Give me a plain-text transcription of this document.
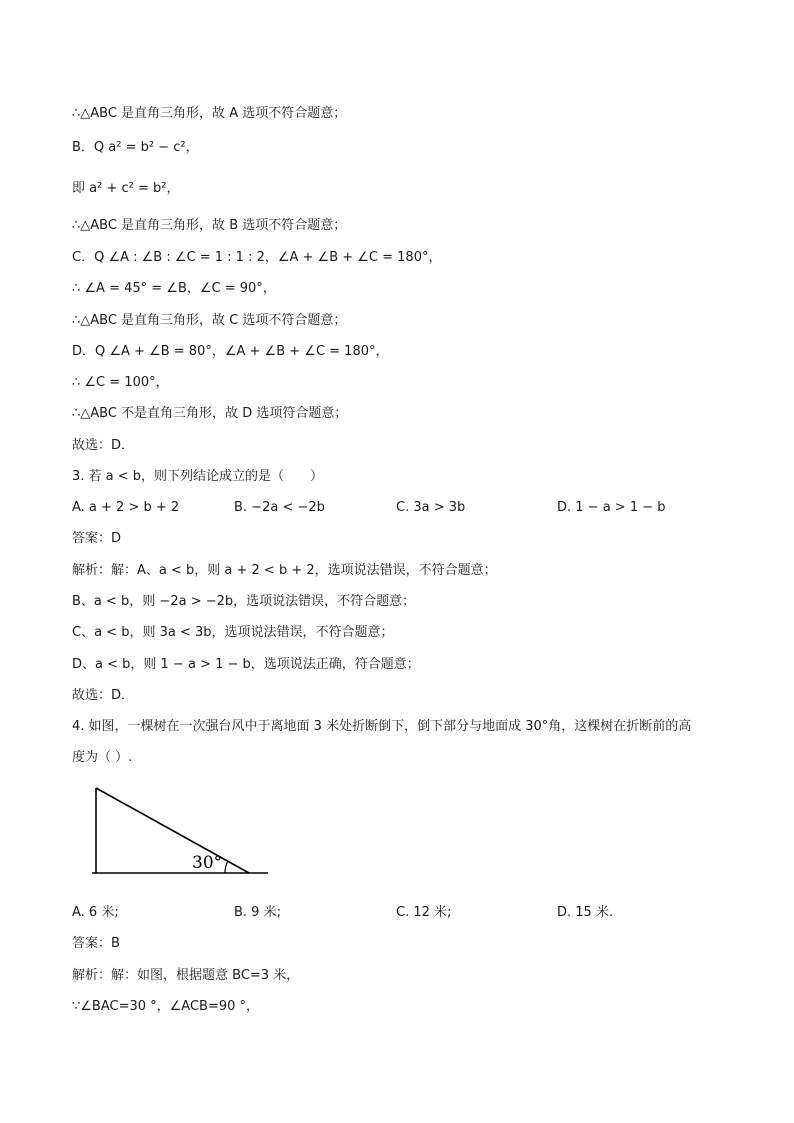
∴△ABC 是直角三角形，故 A 选项不符合题意；
B．Q a² = b² − c²，
即 a² + c² = b²，
∴△ABC 是直角三角形，故 B 选项不符合题意；
C．Q ∠A : ∠B : ∠C = 1 : 1 : 2，∠A + ∠B + ∠C = 180°，
∴ ∠A = 45° = ∠B，∠C = 90°，
∴△ABC 是直角三角形，故 C 选项不符合题意；
D．Q ∠A + ∠B = 80°，∠A + ∠B + ∠C = 180°，
∴ ∠C = 100°，
∴△ABC 不是直角三角形，故 D 选项符合题意；
故选：D．
3. 若 a < b，则下列结论成立的是（　　）
A. a + 2 > b + 2	B. −2a < −2b	C. 3a > 3b	D. 1 − a > 1 − b
答案：D
解析：解：A、a < b，则 a + 2 < b + 2，选项说法错误，不符合题意；
B、a < b，则 −2a > −2b，选项说法错误，不符合题意；
C、a < b，则 3a < 3b，选项说法错误，不符合题意；
D、a < b，则 1 − a > 1 − b，选项说法正确，符合题意；
故选：D．
4. 如图，一棵树在一次强台风中于离地面 3 米处折断倒下，倒下部分与地面成 30°角，这棵树在折断前的高
度为（ ）.
30°
A. 6 米;	B. 9 米;	C. 12 米;	D. 15 米.
答案：B
解析：解：如图，根据题意 BC=3 米，
∵∠BAC=30 °，∠ACB=90 °，
